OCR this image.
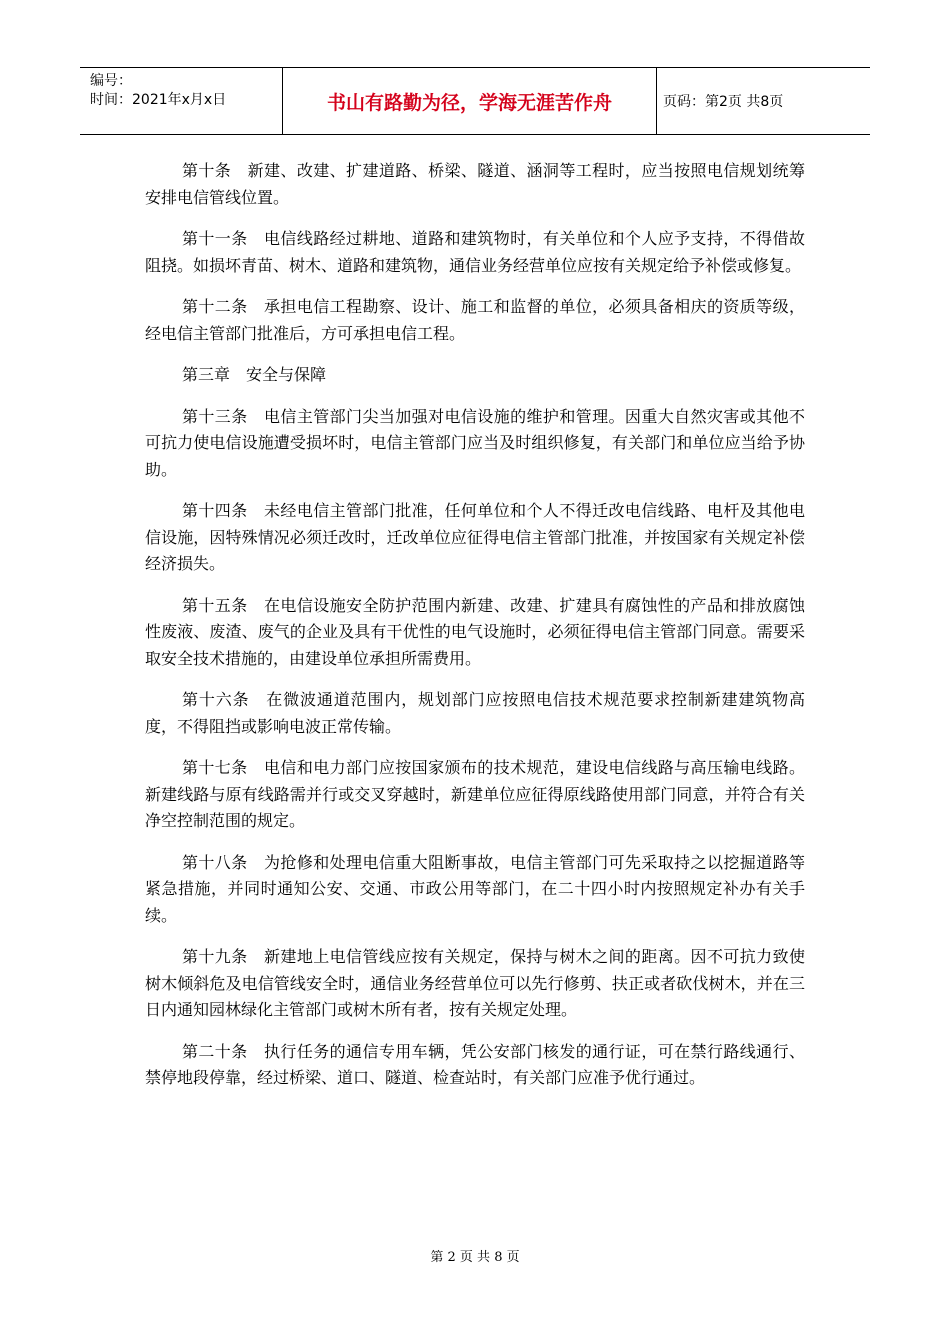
编号：
时间：2021年x月x日	书山有路勤为径，学海无涯苦作舟	页码：第2页 共8页

第十条　新建、改建、扩建道路、桥梁、隧道、涵洞等工程时，应当按照电信规划统筹安排电信管线位置。

第十一条　电信线路经过耕地、道路和建筑物时，有关单位和个人应予支持，不得借故阻挠。如损坏青苗、树木、道路和建筑物，通信业务经营单位应按有关规定给予补偿或修复。

第十二条　承担电信工程勘察、设计、施工和监督的单位，必须具备相庆的资质等级，经电信主管部门批准后，方可承担电信工程。

第三章　安全与保障

第十三条　电信主管部门尖当加强对电信设施的维护和管理。因重大自然灾害或其他不可抗力使电信设施遭受损坏时，电信主管部门应当及时组织修复，有关部门和单位应当给予协助。

第十四条　未经电信主管部门批准，任何单位和个人不得迁改电信线路、电杆及其他电信设施，因特殊情况必须迁改时，迁改单位应征得电信主管部门批准，并按国家有关规定补偿经济损失。

第十五条　在电信设施安全防护范围内新建、改建、扩建具有腐蚀性的产品和排放腐蚀性废液、废渣、废气的企业及具有干优性的电气设施时，必须征得电信主管部门同意。需要采取安全技术措施的，由建设单位承担所需费用。

第十六条　在微波通道范围内，规划部门应按照电信技术规范要求控制新建建筑物高度，不得阻挡或影响电波正常传输。

第十七条　电信和电力部门应按国家颁布的技术规范，建设电信线路与高压输电线路。新建线路与原有线路需并行或交叉穿越时，新建单位应征得原线路使用部门同意，并符合有关净空控制范围的规定。

第十八条　为抢修和处理电信重大阻断事故，电信主管部门可先采取持之以挖掘道路等紧急措施，并同时通知公安、交通、市政公用等部门，在二十四小时内按照规定补办有关手续。

第十九条　新建地上电信管线应按有关规定，保持与树木之间的距离。因不可抗力致使树木倾斜危及电信管线安全时，通信业务经营单位可以先行修剪、扶正或者砍伐树木，并在三日内通知园林绿化主管部门或树木所有者，按有关规定处理。

第二十条　执行任务的通信专用车辆，凭公安部门核发的通行证，可在禁行路线通行、禁停地段停靠，经过桥梁、道口、隧道、检查站时，有关部门应准予优行通过。

第 2 页 共 8 页
